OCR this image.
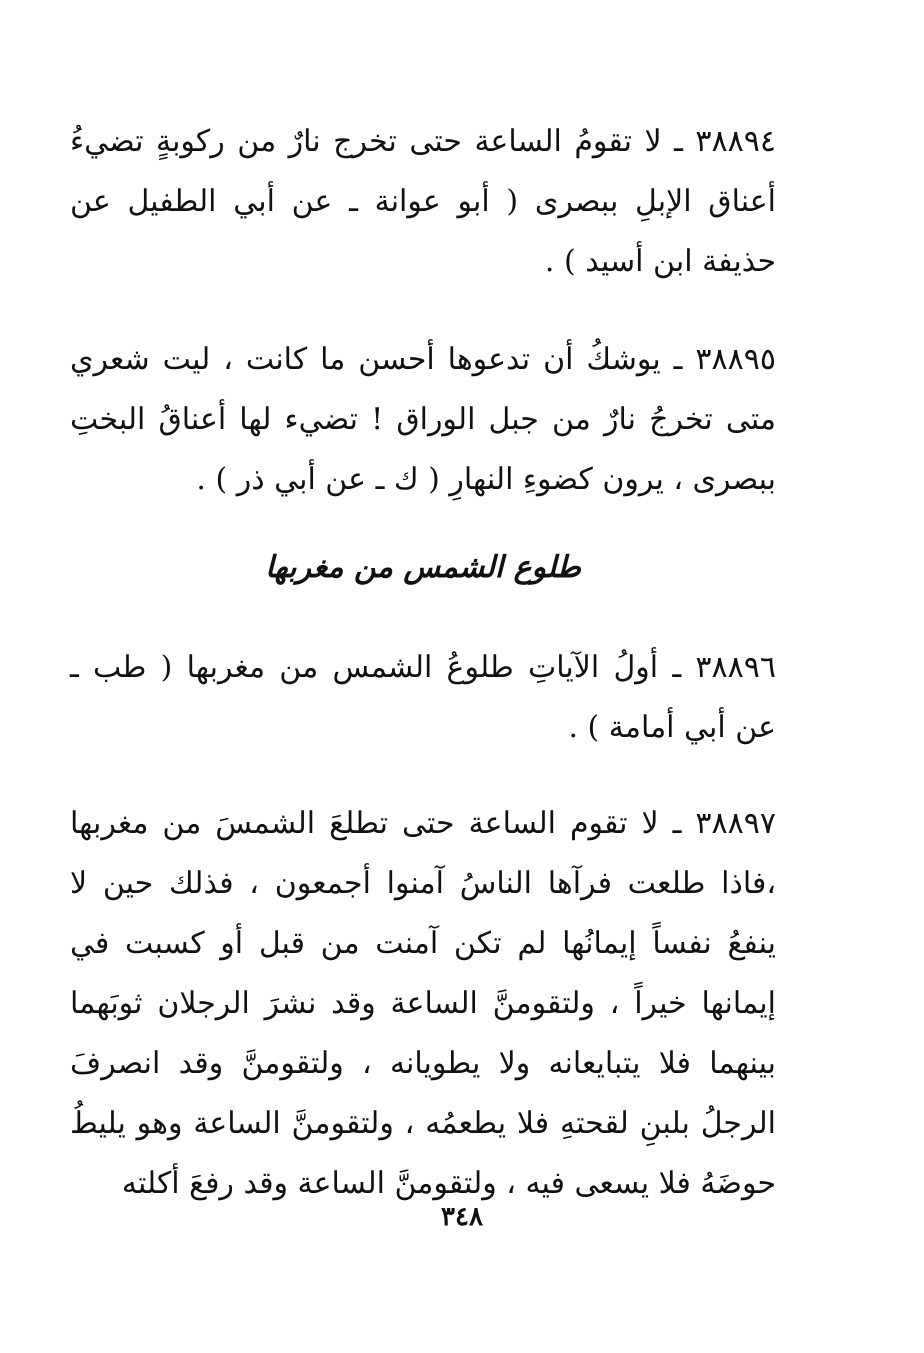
٣٨٨٩٤ ـ لا تقومُ الساعة حتى تخرج نارٌ من ركوبةٍ تضيءُ أعناق الإبلِ ببصرى ( أبو عوانة ـ عن أبي الطفيل عن حذيفة ابن أسيد ) .

٣٨٨٩٥ ـ يوشكُ أن تدعوها أحسن ما كانت ، ليت شعري متى تخرجُ نارٌ من جبل الوراق ! تضيء لها أعناقُ البختِ ببصرى ، يرون كضوءِ النهارِ ( ك ـ عن أبي ذر ) .

طلوع الشمس من مغربها

٣٨٨٩٦ ـ أولُ الآياتِ طلوعُ الشمس من مغربها ( طب ـ عن أبي أمامة ) .

٣٨٨٩٧ ـ لا تقوم الساعة حتى تطلعَ الشمسَ من مغربها ،فاذا طلعت فرآها الناسُ آمنوا أجمعون ، فذلك حين لا ينفعُ نفساً إيمانُها لم تكن آمنت من قبل أو كسبت في إيمانها خيراً ، ولتقومنَّ الساعة وقد نشرَ الرجلان ثوبَهما بينهما فلا يتبايعانه ولا يطويانه ، ولتقومنَّ وقد انصرفَ الرجلُ بلبنِ لقحتهِ فلا يطعمُه ، ولتقومنَّ الساعة وهو يليطُ حوضَهُ فلا يسعى فيه ، ولتقومنَّ الساعة وقد رفعَ أكلته

٣٤٨
